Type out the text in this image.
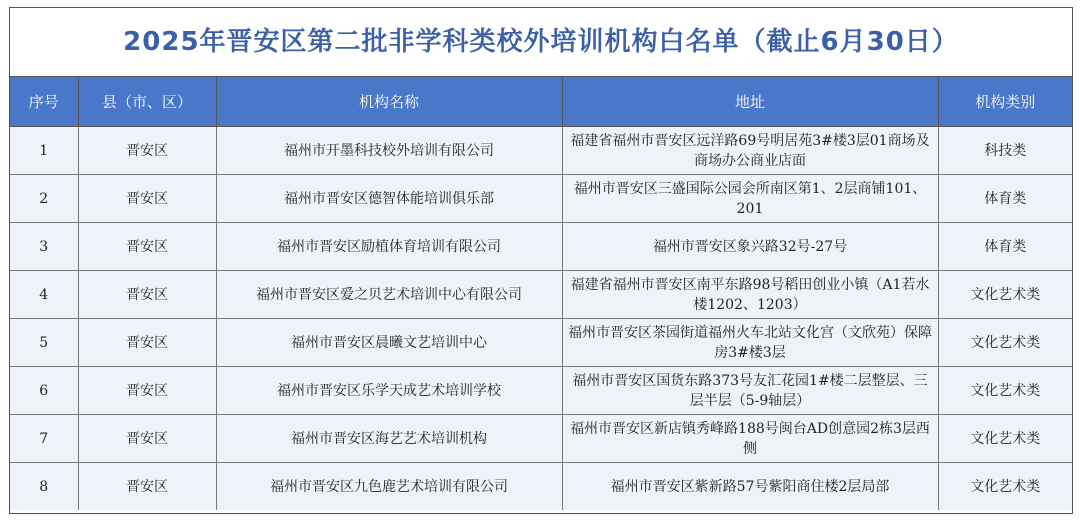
2025年晋安区第二批非学科类校外培训机构白名单（截止6月30日）
序号	县（市、区）	机构名称	地址	机构类别
1	晋安区	福州市开墨科技校外培训有限公司	福建省福州市晋安区远洋路69号明居苑3#楼3层01商场及商场办公商业店面	科技类
2	晋安区	福州市晋安区德智体能培训俱乐部	福州市晋安区三盛国际公园会所南区第1、2层商铺101、201	体育类
3	晋安区	福州市晋安区励植体育培训有限公司	福州市晋安区象兴路32号-27号	体育类
4	晋安区	福州市晋安区爱之贝艺术培训中心有限公司	福建省福州市晋安区南平东路98号稻田创业小镇（A1若水楼1202、1203）	文化艺术类
5	晋安区	福州市晋安区晨曦文艺培训中心	福州市晋安区茶园街道福州火车北站文化宫（文欣苑）保障房3#楼3层	文化艺术类
6	晋安区	福州市晋安区乐学天成艺术培训学校	福州市晋安区国货东路373号友汇花园1#楼二层整层、三层半层（5-9轴层）	文化艺术类
7	晋安区	福州市晋安区海艺艺术培训机构	福州市晋安区新店镇秀峰路188号闽台AD创意园2栋3层西侧	文化艺术类
8	晋安区	福州市晋安区九色鹿艺术培训有限公司	福州市晋安区紫新路57号紫阳商住楼2层局部	文化艺术类
